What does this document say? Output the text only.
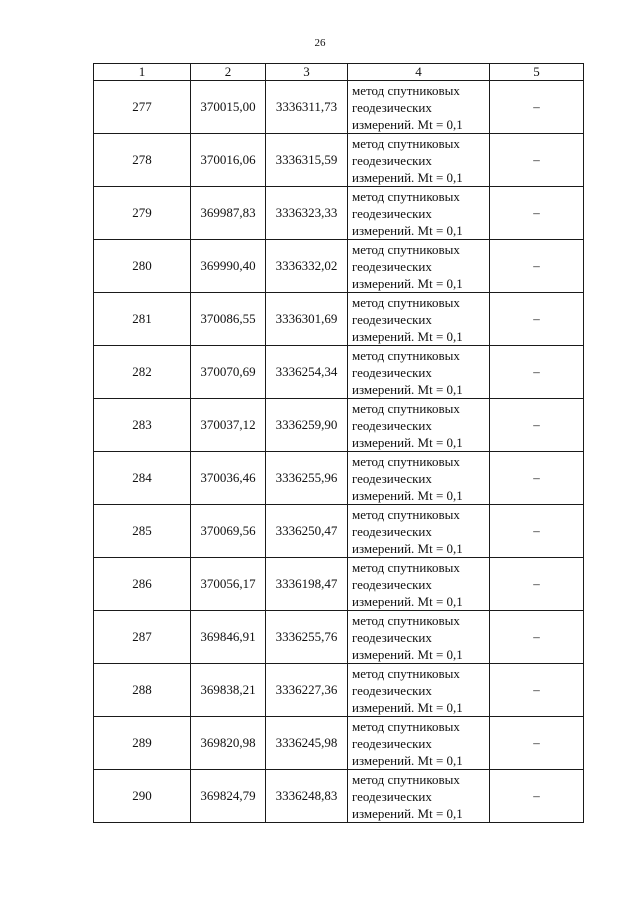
26
1	2	3	4	5
277	370015,00	3336311,73	метод спутниковых
геодезических
измерений. Mt = 0,1	–
278	370016,06	3336315,59	метод спутниковых
геодезических
измерений. Mt = 0,1	–
279	369987,83	3336323,33	метод спутниковых
геодезических
измерений. Mt = 0,1	–
280	369990,40	3336332,02	метод спутниковых
геодезических
измерений. Mt = 0,1	–
281	370086,55	3336301,69	метод спутниковых
геодезических
измерений. Mt = 0,1	–
282	370070,69	3336254,34	метод спутниковых
геодезических
измерений. Mt = 0,1	–
283	370037,12	3336259,90	метод спутниковых
геодезических
измерений. Mt = 0,1	–
284	370036,46	3336255,96	метод спутниковых
геодезических
измерений. Mt = 0,1	–
285	370069,56	3336250,47	метод спутниковых
геодезических
измерений. Mt = 0,1	–
286	370056,17	3336198,47	метод спутниковых
геодезических
измерений. Mt = 0,1	–
287	369846,91	3336255,76	метод спутниковых
геодезических
измерений. Mt = 0,1	–
288	369838,21	3336227,36	метод спутниковых
геодезических
измерений. Mt = 0,1	–
289	369820,98	3336245,98	метод спутниковых
геодезических
измерений. Mt = 0,1	–
290	369824,79	3336248,83	метод спутниковых
геодезических
измерений. Mt = 0,1	–
